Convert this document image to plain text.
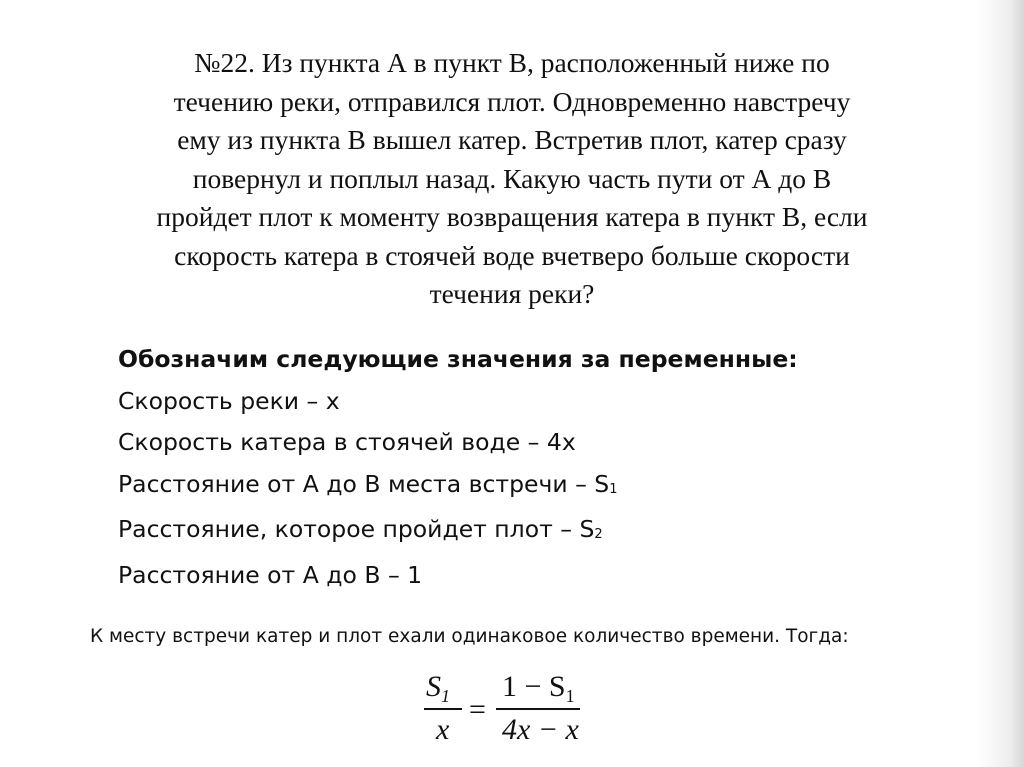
№22. Из пункта А в пункт В, расположенный ниже по
течению реки, отправился плот. Одновременно навстречу
ему из пункта В вышел катер. Встретив плот, катер сразу
повернул и поплыл назад. Какую часть пути от А до В
пройдет плот к моменту возвращения катера в пункт В, если
скорость катера в стоячей воде вчетверо больше скорости
течения реки?
Обозначим следующие значения за переменные:
Скорость реки – x
Скорость катера в стоячей воде – 4x
Расстояние от А до В места встречи – S1
Расстояние, которое пройдет плот – S2
Расстояние от А до В – 1
К месту встречи катер и плот ехали одинаковое количество времени. Тогда:
$S_1$
x
=
$1 - S_1$
4x − x
